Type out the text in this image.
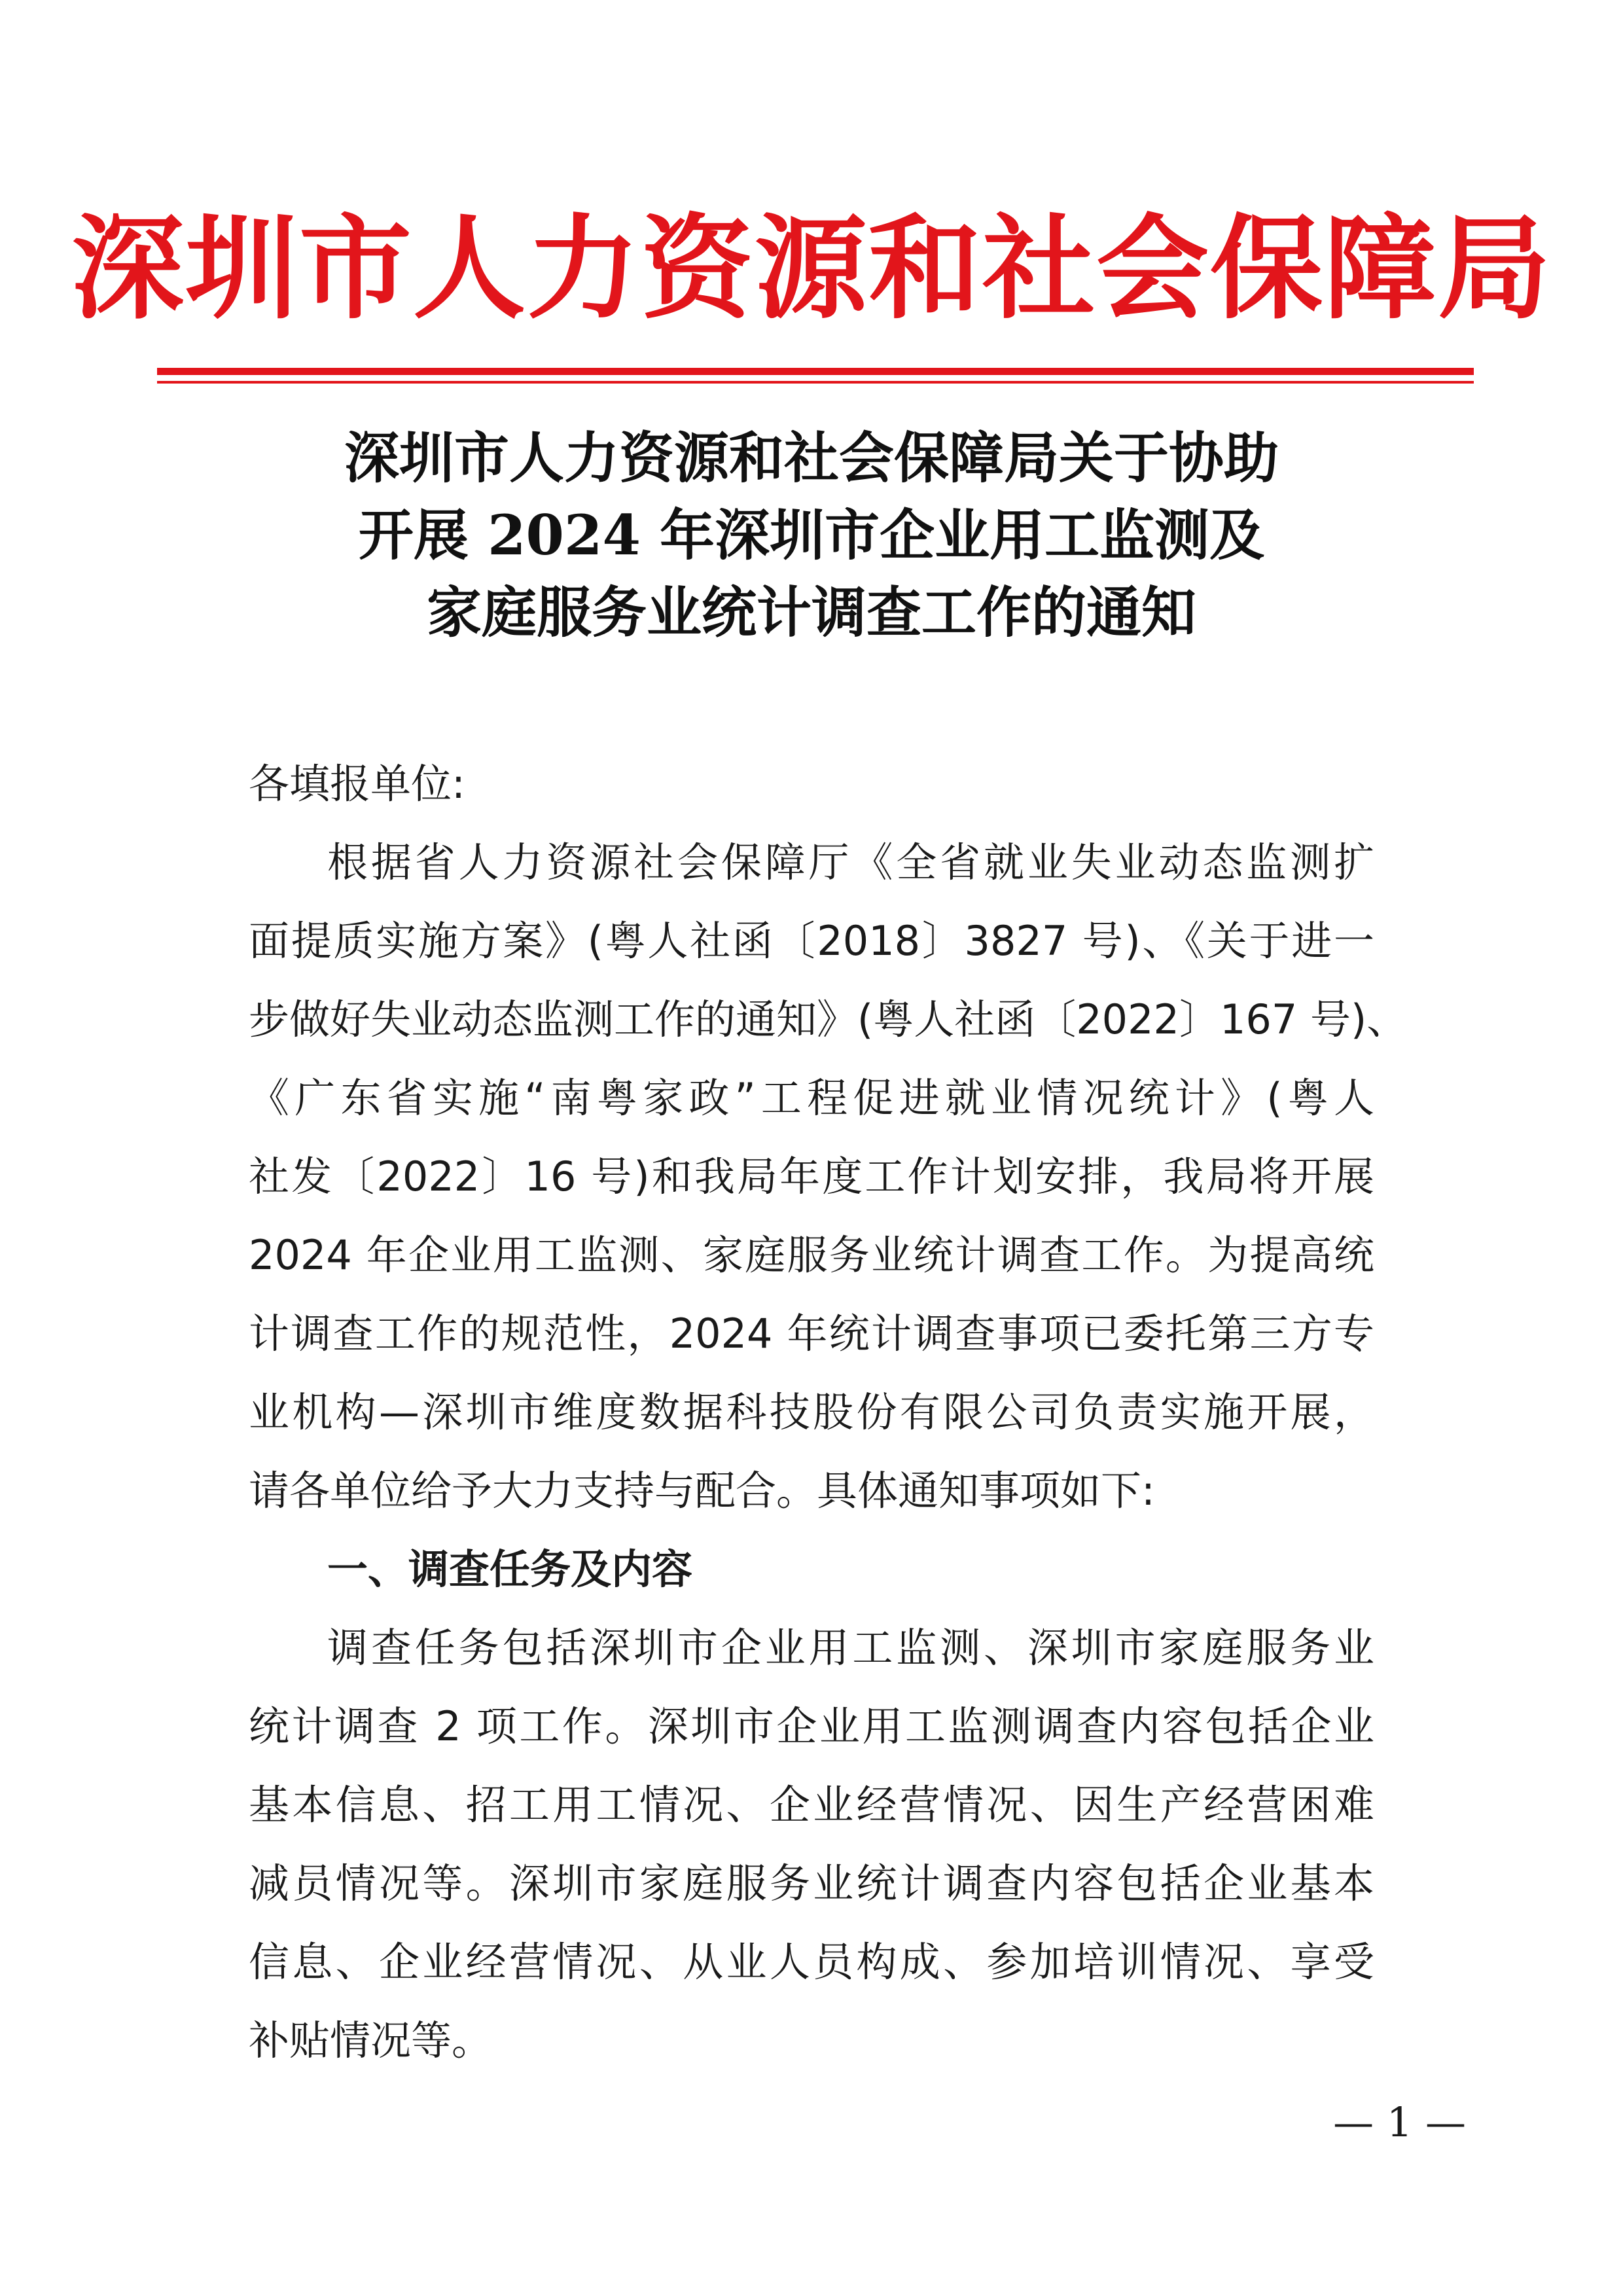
深圳市人力资源和社会保障局
深圳市人力资源和社会保障局关于协助
开展 2024 年深圳市企业用工监测及
家庭服务业统计调查工作的通知
各填报单位:
根据省人力资源社会保障厅《全省就业失业动态监测扩
面提质实施方案》(粤人社函〔2018〕3827 号)、《关于进一
步做好失业动态监测工作的通知》(粤人社函〔2022〕167 号)、
《广东省实施“南粤家政”工程促进就业情况统计》(粤人
社发〔2022〕16 号)和我局年度工作计划安排，我局将开展
2024 年企业用工监测、家庭服务业统计调查工作。为提高统
计调查工作的规范性，2024 年统计调查事项已委托第三方专
业机构—深圳市维度数据科技股份有限公司负责实施开展，
请各单位给予大力支持与配合。具体通知事项如下:
一、调查任务及内容
调查任务包括深圳市企业用工监测、深圳市家庭服务业
统计调查 2 项工作。深圳市企业用工监测调查内容包括企业
基本信息、招工用工情况、企业经营情况、因生产经营困难
减员情况等。深圳市家庭服务业统计调查内容包括企业基本
信息、企业经营情况、从业人员构成、参加培训情况、享受
补贴情况等。
— 1 —
